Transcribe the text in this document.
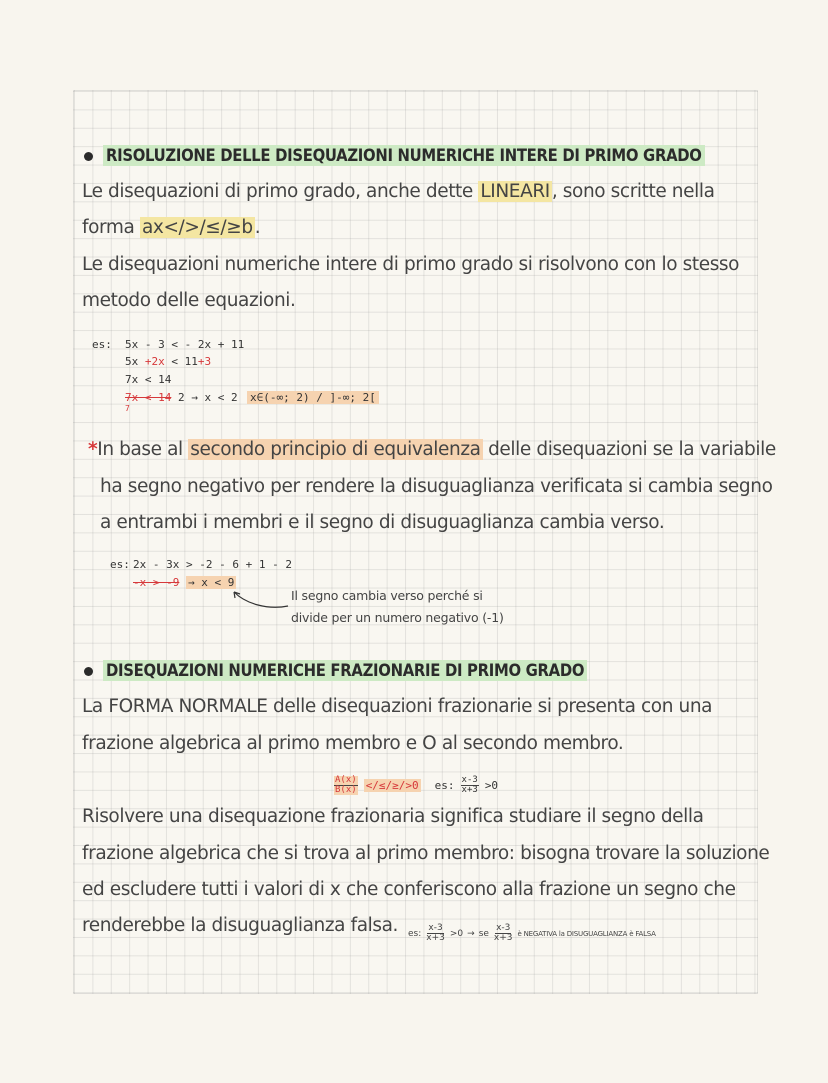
RISOLUZIONE DELLE DISEQUAZIONI NUMERICHE INTERE DI PRIMO GRADO
Le disequazioni di primo grado, anche dette LINEARI , sono scritte nella
forma ax</>/≤/≥b .
Le disequazioni numeriche intere di primo grado si risolvono con lo stesso
metodo delle equazioni.
es: 5x - 3 < - 2x + 11
5x +2x < 11+3
7x < 14
7x < 14 2 → x < 2
7
x∈(-∞; 2) / ]-∞; 2[
*In base al secondo principio di equivalenza delle disequazioni se la variabile
ha segno negativo per rendere la disuguaglianza verificata si cambia segno
a entrambi i membri e il segno di disuguaglianza cambia verso.
es: 2x - 3x > -2 - 6 + 1 - 2
-x > -9 → x < 9
Il segno cambia verso perché si
divide per un numero negativo (-1)
DISEQUAZIONI NUMERICHE FRAZIONARIE DI PRIMO GRADO
La FORMA NORMALE delle disequazioni frazionarie si presenta con una
frazione algebrica al primo membro e O al secondo membro.
$\frac{A(x)}{B(x)} </\le/\ge/>0$ es: $\frac{x-3}{x+3} >0$
Risolvere una disequazione frazionaria significa studiare il segno della
frazione algebrica che si trova al primo membro: bisogna trovare la soluzione
ed escludere tutti i valori di x che conferiscono alla frazione un segno che
renderebbe la disuguaglianza falsa. es: $\frac{x-3}{x+3} >0$ → se $\frac{x-3}{x+3}$ è NEGATIVA la DISUGUAGLIANZA è FALSA
